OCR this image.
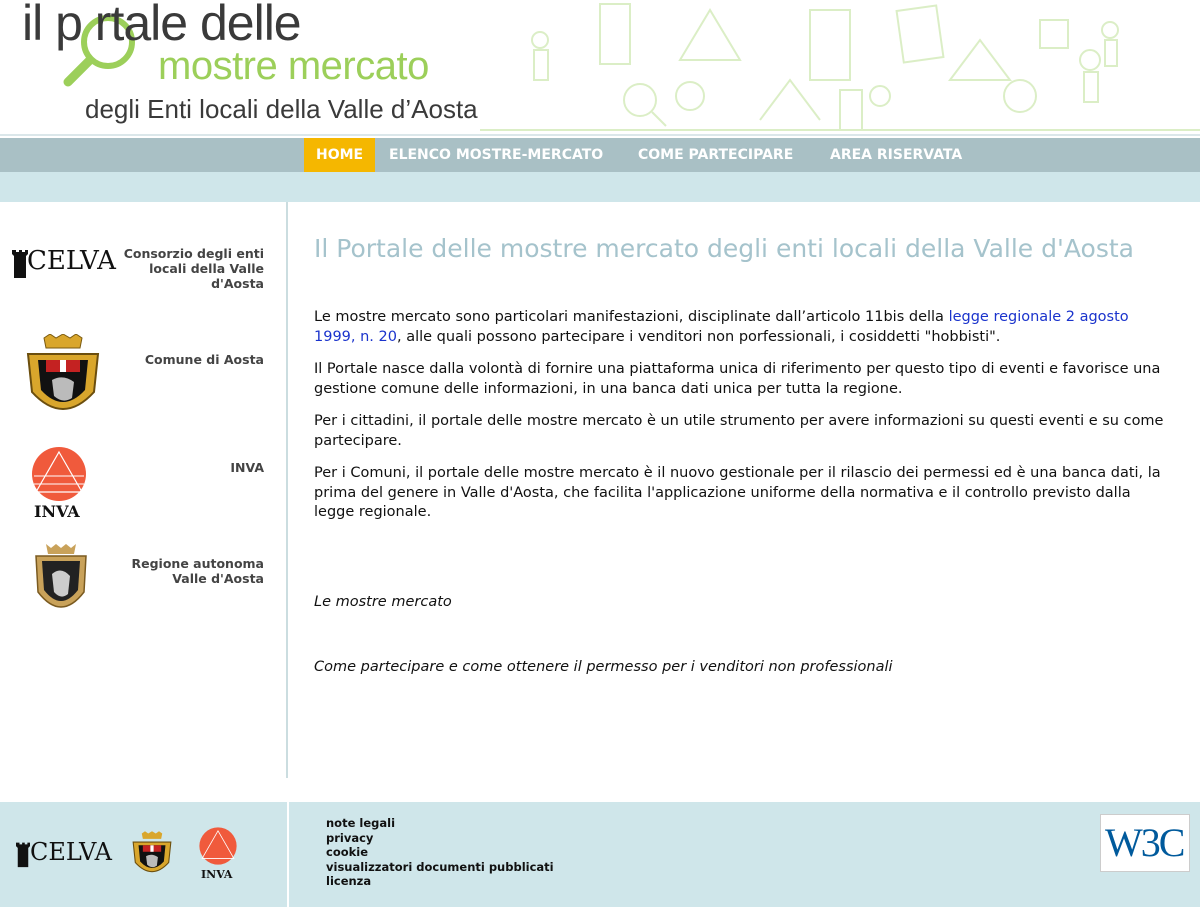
il p rtale delle
mostre mercato
degli Enti locali della Valle d’Aosta
HOME	ELENCO MOSTRE-MERCATO COME PARTECIPARE	AREA RISERVATA
CELVA Consorzio degli enti locali della Valle d'Aosta
Comune di Aosta
INVA
INVA
Regione autonoma Valle d'Aosta
Il Portale delle mostre mercato degli enti locali della Valle d'Aosta

Le mostre mercato sono particolari manifestazioni, disciplinate dall’articolo 11bis della legge regionale 2 agosto 1999, n. 20, alle quali possono partecipare i venditori non porfessionali, i cosiddetti "hobbisti".

Il Portale nasce dalla volontà di fornire una piattaforma unica di riferimento per questo tipo di eventi e favorisce una gestione comune delle informazioni, in una banca dati unica per tutta la regione.

Per i cittadini, il portale delle mostre mercato è un utile strumento per avere informazioni su questi eventi e su come partecipare.

Per i Comuni, il portale delle mostre mercato è il nuovo gestionale per il rilascio dei permessi ed è una banca dati, la prima del genere in Valle d'Aosta, che facilita l'applicazione uniforme della normativa e il controllo previsto dalla legge regionale.

Le mostre mercato
Come partecipare e come ottenere il permesso per i venditori non professionali
CELVA
INVA
note legali
privacy
cookie
visualizzatori documenti pubblicati
licenza
W3C
